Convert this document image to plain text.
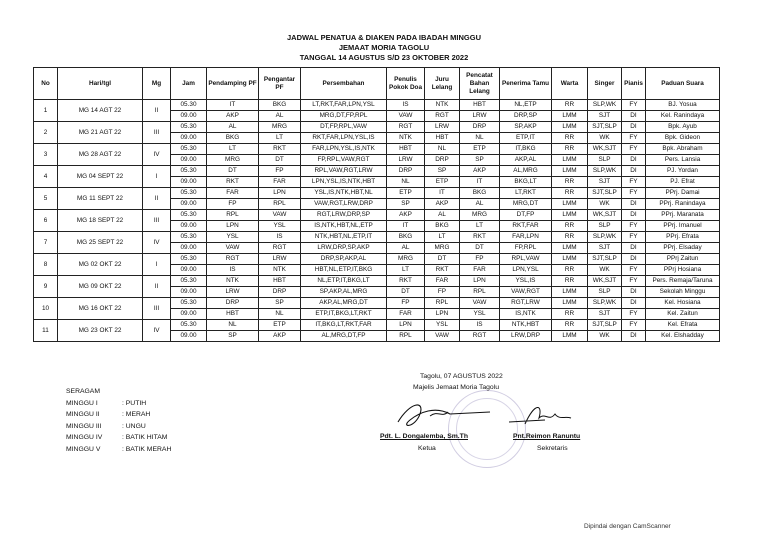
JADWAL PENATUA & DIAKEN PADA IBADAH MINGGU
JEMAAT MORIA TAGOLU
TANGGAL 14 AGUSTUS S/D 23 OKTOBER 2022
No	Hari/tgl	Mg	Jam	Pendamping PF	Pengantar PF	Persembahan	Penulis Pokok Doa	Juru Lelang	Pencatat Bahan Lelang	Penerima Tamu	Warta	Singer	Pianis	Paduan Suara
1	MG 14 AGT 22	II	05.30	IT	BKG	LT,RKT,FAR,LPN,YSL	IS	NTK	HBT	NL,ETP	RR	SLP,WK	FY	BJ. Yosua
			09.00	AKP	AL	MRG,DT,FP,RPL	VAW	RGT	LRW	DRP,SP	LMM	SJT	DI	Kel. Ranindaya
2	MG 21 AGT 22	III	05.30	AL	MRG	DT,FP,RPL,VAW	RGT	LRW	DRP	SP,AKP	LMM	SJT,SLP	DI	Bpk. Ayub
			09.00	BKG	LT	RKT,FAR,LPN,YSL,IS	NTK	HBT	NL	ETP,IT	RR	WK	FY	Bpk. Gideon
3	MG 28 AGT 22	IV	05.30	LT	RKT	FAR,LPN,YSL,IS,NTK	HBT	NL	ETP	IT,BKG	RR	WK,SJT	FY	Bpk. Abraham
			09.00	MRG	DT	FP,RPL,VAW,RGT	LRW	DRP	SP	AKP,AL	LMM	SLP	DI	Pers. Lansia
4	MG 04 SEPT 22	I	05.30	DT	FP	RPL,VAW,RGT,LRW	DRP	SP	AKP	AL,MRG	LMM	SLP,WK	DI	PJ. Yordan
			09.00	RKT	FAR	LPN,YSL,IS,NTK,HBT	NL	ETP	IT	BKG,LT	RR	SJT	FY	PJ. Efrat
5	MG 11 SEPT 22	II	05.30	FAR	LPN	YSL,IS,NTK,HBT,NL	ETP	IT	BKG	LT,RKT	RR	SJT,SLP	FY	PPrj. Damai
			09.00	FP	RPL	VAW,RGT,LRW,DRP	SP	AKP	AL	MRG,DT	LMM	WK	DI	PPrj. Ranindaya
6	MG 18 SEPT 22	III	05.30	RPL	VAW	RGT,LRW,DRP,SP	AKP	AL	MRG	DT,FP	LMM	WK,SJT	DI	PPrj. Maranata
			09.00	LPN	YSL	IS,NTK,HBT,NL,ETP	IT	BKG	LT	RKT,FAR	RR	SLP	FY	PPrj. Imanuel
7	MG 25 SEPT 22	IV	05.30	YSL	IS	NTK,HBT,NL,ETP,IT	BKG	LT	RKT	FAR,LPN	RR	SLP,WK	FY	PPrj. Efrata
			09.00	VAW	RGT	LRW,DRP,SP,AKP	AL	MRG	DT	FP,RPL	LMM	SJT	DI	PPrj. Elsaday
8	MG 02 OKT 22	I	05.30	RGT	LRW	DRP,SP,AKP,AL	MRG	DT	FP	RPL,VAW	LMM	SJT,SLP	DI	PPrj Zaitun
			09.00	IS	NTK	HBT,NL,ETP,IT,BKG	LT	RKT	FAR	LPN,YSL	RR	WK	FY	PPrj Hosiana
9	MG 09 OKT 22	II	05.30	NTK	HBT	NL,ETP,IT,BKG,LT	RKT	FAR	LPN	YSL,IS	RR	WK,SJT	FY	Pers. Remaja/Taruna
			09.00	LRW	DRP	SP,AKP,AL,MRG	DT	FP	RPL	VAW,RGT	LMM	SLP	DI	Sekolah Minggu
10	MG 16 OKT 22	III	05.30	DRP	SP	AKP,AL,MRG,DT	FP	RPL	VAW	RGT,LRW	LMM	SLP,WK	DI	Kel. Hosiana
			09.00	HBT	NL	ETP,IT,BKG,LT,RKT	FAR	LPN	YSL	IS,NTK	RR	SJT	FY	Kel. Zaitun
11	MG 23 OKT 22	IV	05.30	NL	ETP	IT,BKG,LT,RKT,FAR	LPN	YSL	IS	NTK,HBT	RR	SJT,SLP	FY	Kel. Efrata
			09.00	SP	AKP	AL,MRG,DT,FP	RPL	VAW	RGT	LRW,DRP	LMM	WK	DI	Kel. Elshadday
SERAGAM
MINGGU I	: PUTIH
MINGGU II	: MERAH
MINGGU III	: UNGU
MINGGU IV	: BATIK HITAM
MINGGU V	: BATIK MERAH
Tagolu, 07 AGUSTUS 2022
Majelis Jemaat Moria Tagolu
Pdt. L. Dongalemba, Sm.Th
Ketua
Pnt.Reimon Ranuntu
Sekretaris
Dipindai dengan CamScanner
